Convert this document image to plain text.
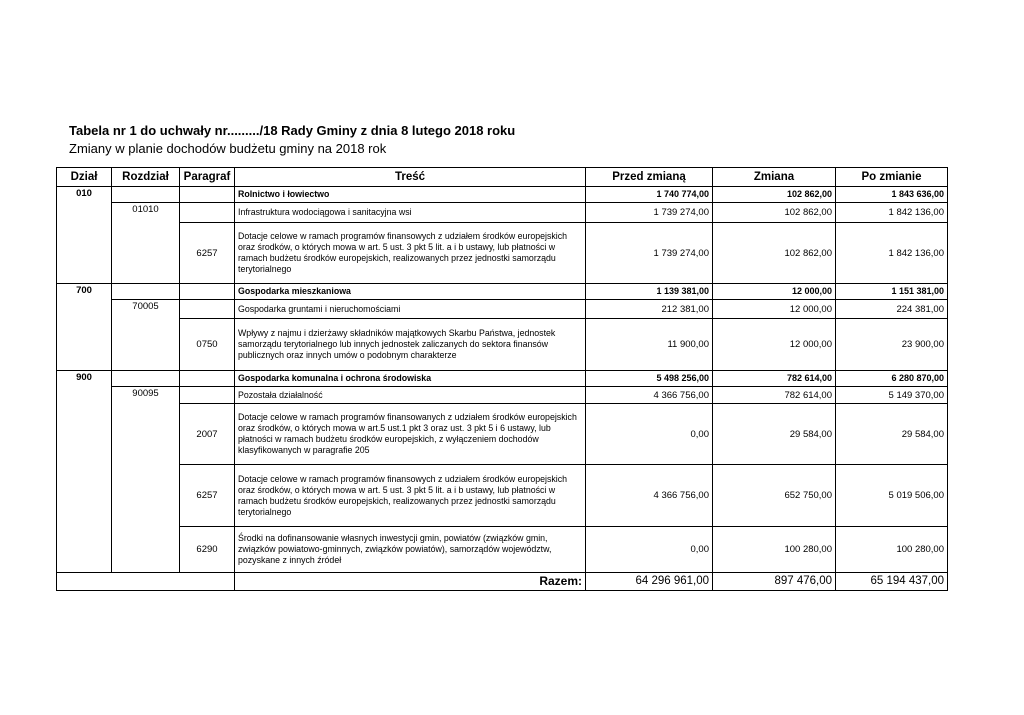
Tabela nr 1 do uchwały nr........./18 Rady Gminy z dnia 8 lutego 2018 roku
Zmiany w planie dochodów budżetu gminy na 2018 rok
Dział	Rozdział	Paragraf	Treść	Przed zmianą	Zmiana	Po zmianie
010			Rolnictwo i łowiectwo	1 740 774,00	102 862,00	1 843 636,00
	01010		Infrastruktura wodociągowa i sanitacyjna wsi	1 739 274,00	102 862,00	1 842 136,00
		6257	Dotacje celowe w ramach programów finansowych z udziałem środków europejskich oraz środków, o których mowa w art. 5 ust. 3 pkt 5 lit. a i b ustawy, lub płatności w ramach budżetu środków europejskich, realizowanych przez jednostki samorządu terytorialnego	1 739 274,00	102 862,00	1 842 136,00
700			Gospodarka mieszkaniowa	1 139 381,00	12 000,00	1 151 381,00
	70005		Gospodarka gruntami i nieruchomościami	212 381,00	12 000,00	224 381,00
		0750	Wpływy z najmu i dzierżawy składników majątkowych Skarbu Państwa, jednostek samorządu terytorialnego lub innych jednostek zaliczanych do sektora finansów publicznych oraz innych umów o podobnym charakterze	11 900,00	12 000,00	23 900,00
900			Gospodarka komunalna i ochrona środowiska	5 498 256,00	782 614,00	6 280 870,00
	90095		Pozostała działalność	4 366 756,00	782 614,00	5 149 370,00
		2007	Dotacje celowe w ramach programów finansowanych z udziałem środków europejskich oraz środków, o których mowa w art.5 ust.1 pkt 3 oraz ust. 3 pkt 5 i 6 ustawy, lub płatności w ramach budżetu środków europejskich, z wyłączeniem dochodów klasyfikowanych w paragrafie 205	0,00	29 584,00	29 584,00
		6257	Dotacje celowe w ramach programów finansowych z udziałem środków europejskich oraz środków, o których mowa w art. 5 ust. 3 pkt 5 lit. a i b ustawy, lub płatności w ramach budżetu środków europejskich, realizowanych przez jednostki samorządu terytorialnego	4 366 756,00	652 750,00	5 019 506,00
		6290	Środki na dofinansowanie własnych inwestycji gmin, powiatów (związków gmin, związków powiatowo-gminnych, związków powiatów), samorządów województw, pozyskane z innych źródeł	0,00	100 280,00	100 280,00
			Razem:	64 296 961,00	897 476,00	65 194 437,00
